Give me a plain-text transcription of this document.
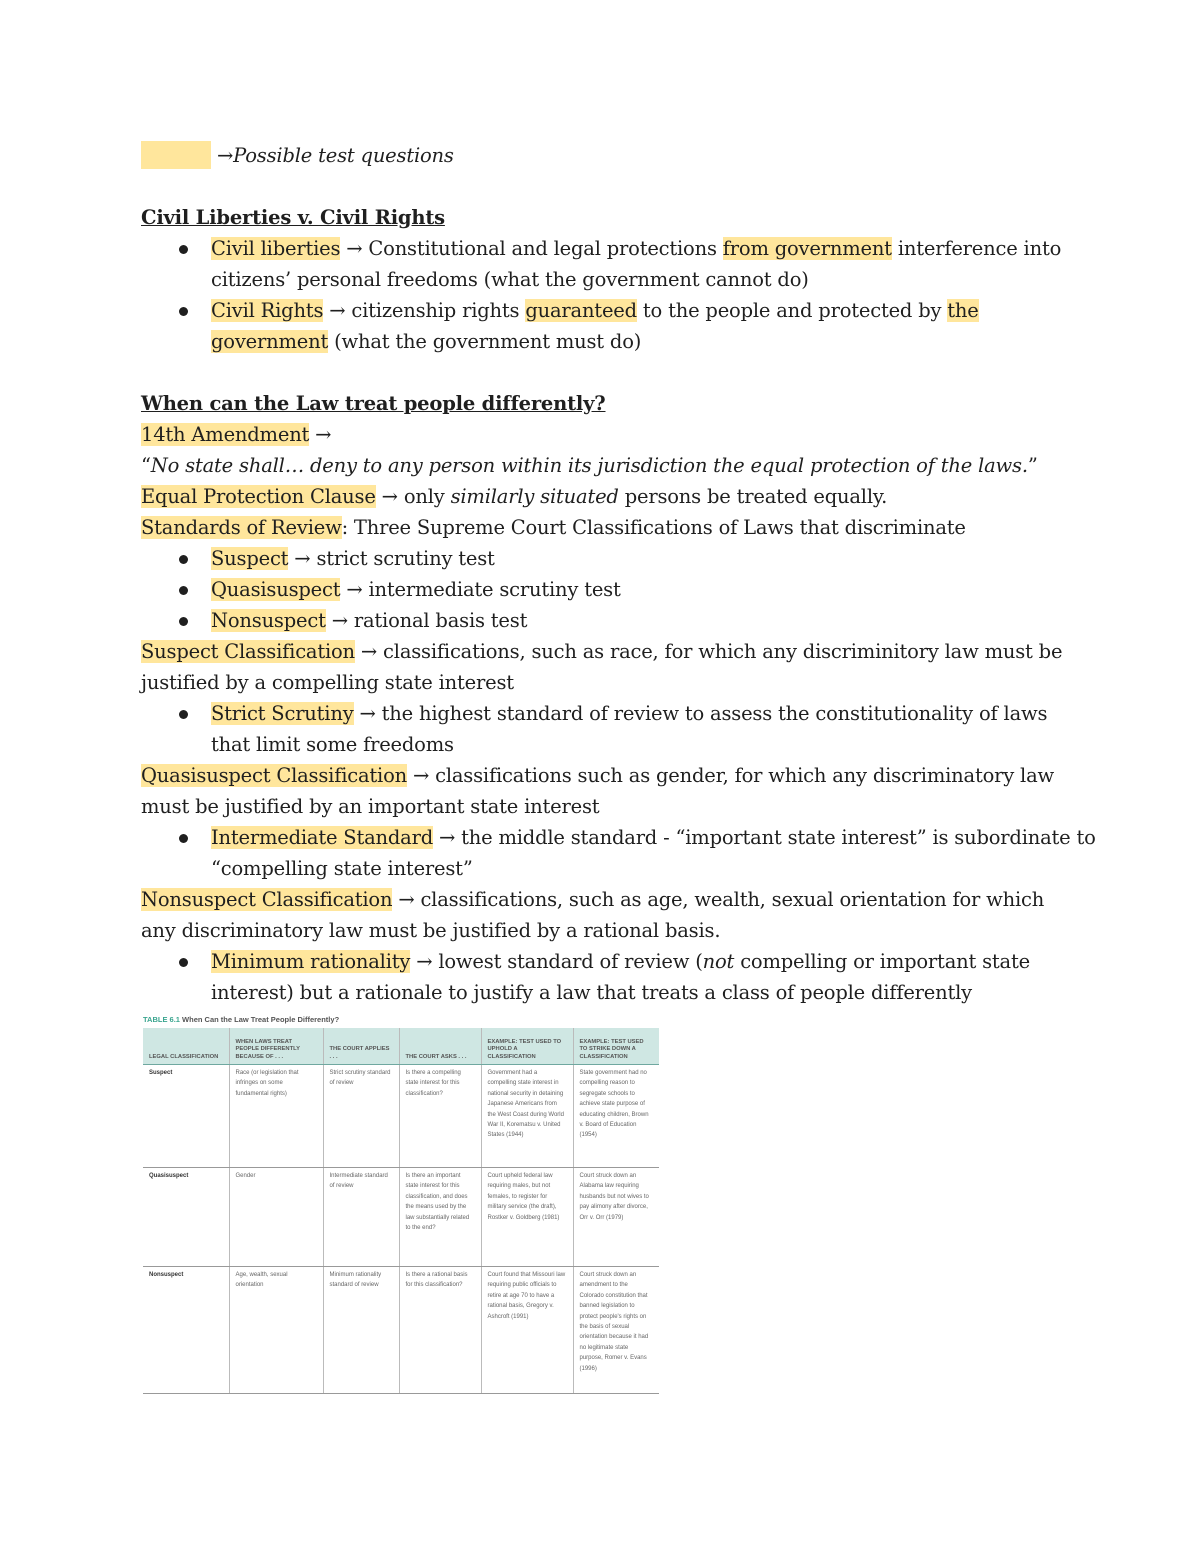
→Possible test questions

Civil Liberties v. Civil Rights

Civil liberties → Constitutional and legal protections from government interference into
citizens’ personal freedoms (what the government cannot do)
Civil Rights → citizenship rights guaranteed to the people and protected by the
government (what the government must do)

When can the Law treat people differently?

14th Amendment →

“No state shall… deny to any person within its jurisdiction the equal protection of the laws.”

Equal Protection Clause → only similarly situated persons be treated equally.

Standards of Review: Three Supreme Court Classifications of Laws that discriminate

Suspect → strict scrutiny test
Quasisuspect → intermediate scrutiny test
Nonsuspect → rational basis test

Suspect Classification → classifications, such as race, for which any discriminitory law must be

justified by a compelling state interest

Strict Scrutiny → the highest standard of review to assess the constitutionality of laws
that limit some freedoms

Quasisuspect Classification → classifications such as gender, for which any discriminatory law

must be justified by an important state interest

Intermediate Standard → the middle standard - “important state interest” is subordinate to
“compelling state interest”

Nonsuspect Classification → classifications, such as age, wealth, sexual orientation for which

any discriminatory law must be justified by a rational basis.

Minimum rationality → lowest standard of review (not compelling or important state
interest) but a rationale to justify a law that treats a class of people differently
TABLE 6.1 When Can the Law Treat People Differently?
LEGAL CLASSIFICATION	WHEN LAWS TREAT PEOPLE DIFFERENTLY BECAUSE OF . . .	THE COURT APPLIES . . .	THE COURT ASKS . . .	EXAMPLE: TEST USED TO UPHOLD A CLASSIFICATION	EXAMPLE: TEST USED TO STRIKE DOWN A CLASSIFICATION
Suspect	Race (or legislation that infringes on some fundamental rights)	Strict scrutiny standard of review	Is there a compelling state interest for this classification?	Government had a compelling state interest in national security in detaining Japanese Americans from the West Coast during World War II, Korematsu v. United States (1944)	State government had no compelling reason to segregate schools to achieve state purpose of educating children, Brown v. Board of Education (1954)
Quasisuspect	Gender	Intermediate standard of review	Is there an important state interest for this classification, and does the means used by the law substantially related to the end?	Court upheld federal law requiring males, but not females, to register for military service (the draft), Rostker v. Goldberg (1981)	Court struck down an Alabama law requiring husbands but not wives to pay alimony after divorce, Orr v. Orr (1979)
Nonsuspect	Age, wealth, sexual orientation	Minimum rationality standard of review	Is there a rational basis for this classification?	Court found that Missouri law requiring public officials to retire at age 70 to have a rational basis, Gregory v. Ashcroft (1991)	Court struck down an amendment to the Colorado constitution that banned legislation to protect people's rights on the basis of sexual orientation because it had no legitimate state purpose, Romer v. Evans (1996)
